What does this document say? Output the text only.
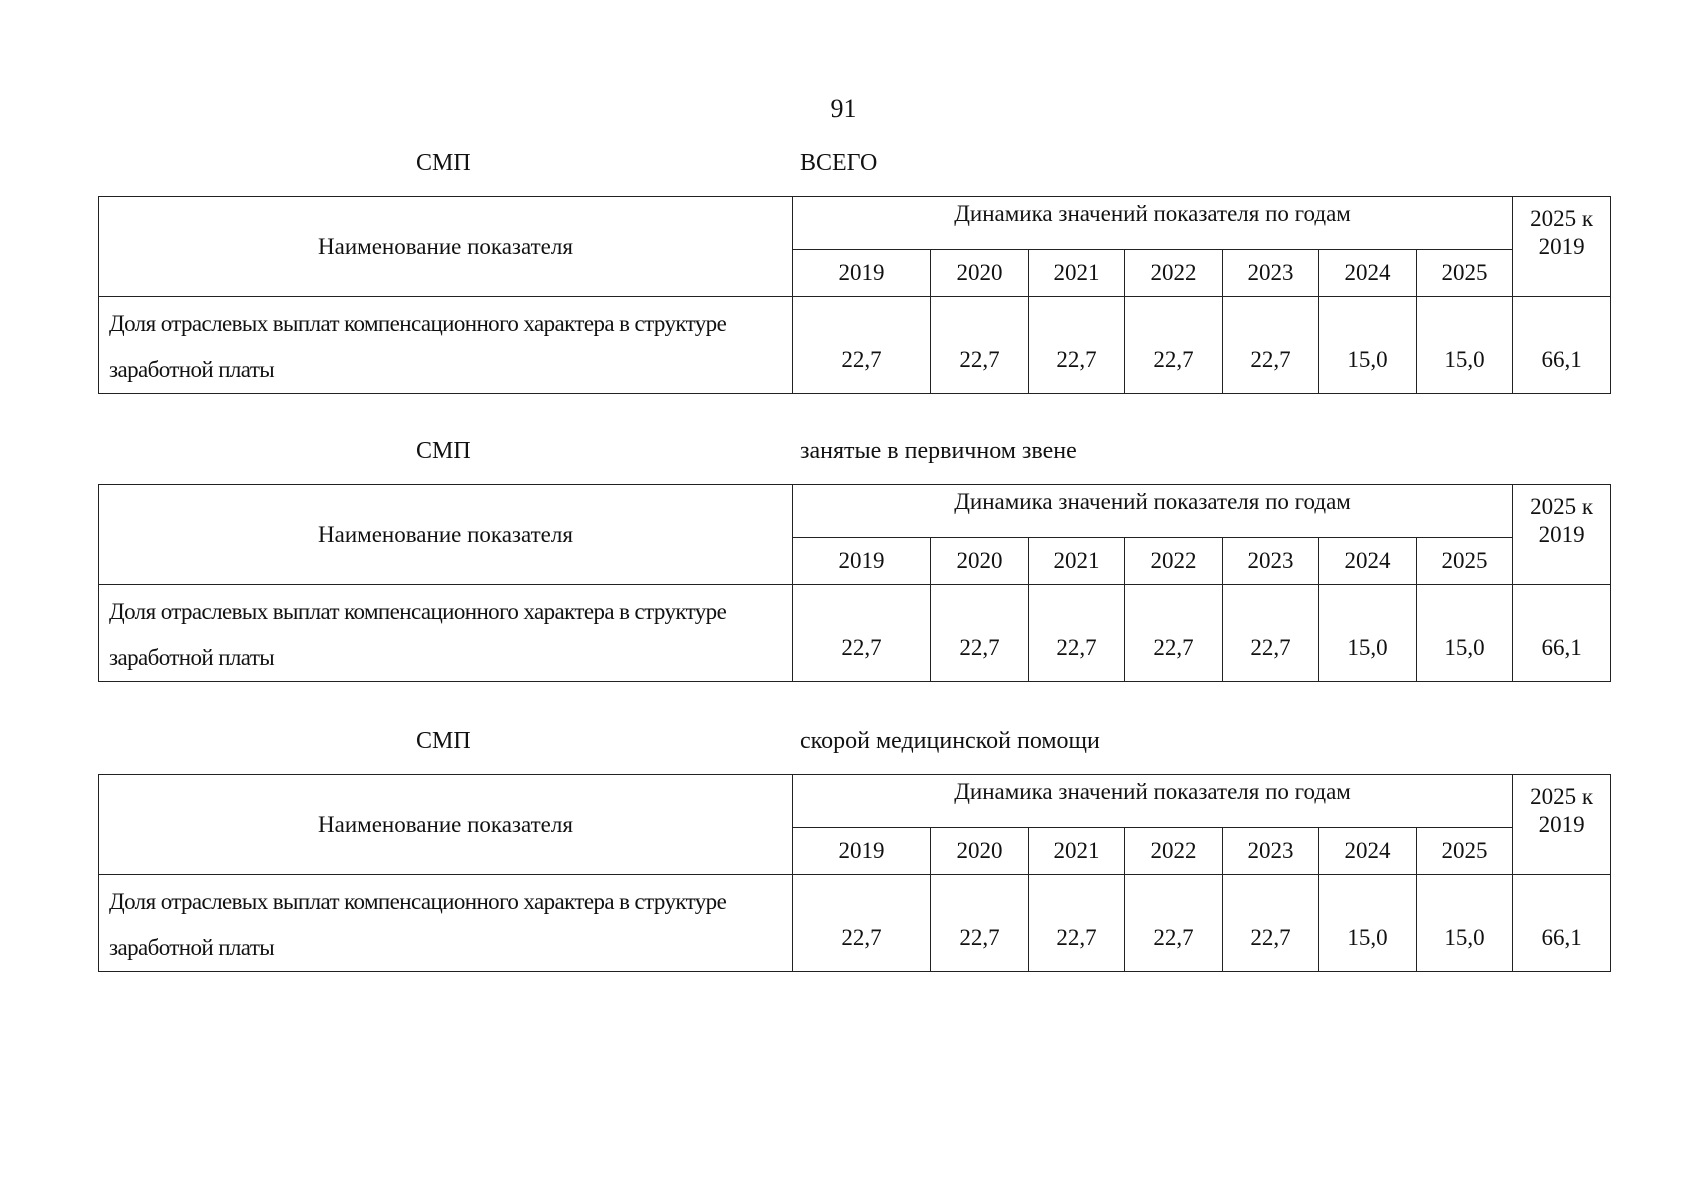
91
СМП	ВСЕГО
Наименование показателя	Динамика значений показателя по годам							2025 к 2019
	2019	2020	2021	2022	2023	2024	2025	
Доля отраслевых выплат компенсационного характера в структуре заработной платы	22,7	22,7	22,7	22,7	22,7	15,0	15,0	66,1
СМП	занятые в первичном звене
Наименование показателя	Динамика значений показателя по годам							2025 к 2019
	2019	2020	2021	2022	2023	2024	2025	
Доля отраслевых выплат компенсационного характера в структуре заработной платы	22,7	22,7	22,7	22,7	22,7	15,0	15,0	66,1
СМП	скорой медицинской помощи
Наименование показателя	Динамика значений показателя по годам							2025 к 2019
	2019	2020	2021	2022	2023	2024	2025	
Доля отраслевых выплат компенсационного характера в структуре заработной платы	22,7	22,7	22,7	22,7	22,7	15,0	15,0	66,1
